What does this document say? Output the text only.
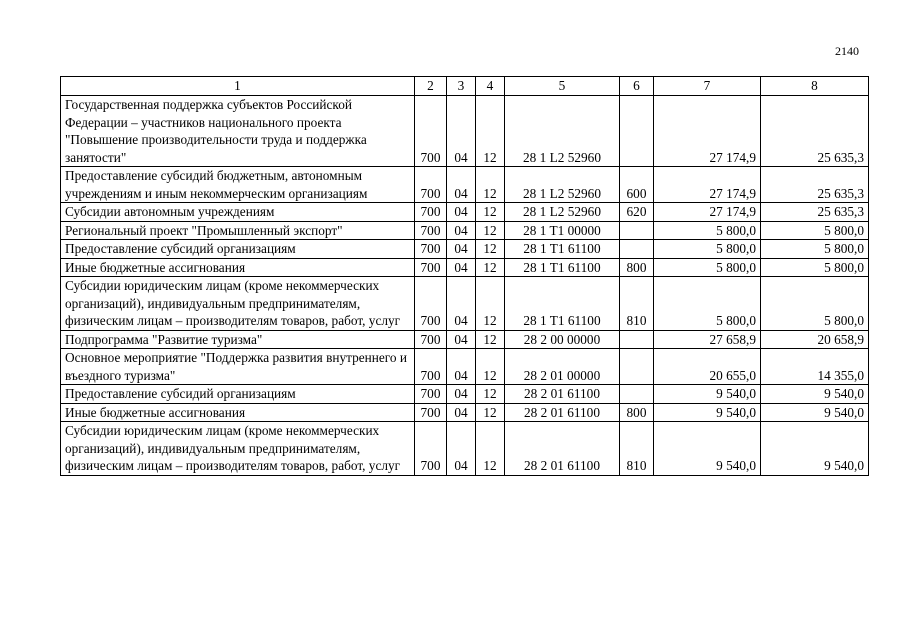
2140
1	2	3	4	5	6	7	8
Государственная поддержка субъектов Российской Федерации – участников национального проекта "Повышение производительности труда и поддержка занятости"	700	04	12	28 1 L2 52960		27 174,9	25 635,3
Предоставление субсидий бюджетным, автономным учреждениям и иным некоммерческим организациям	700	04	12	28 1 L2 52960	600	27 174,9	25 635,3
Субсидии автономным учреждениям	700	04	12	28 1 L2 52960	620	27 174,9	25 635,3
Региональный проект "Промышленный экспорт"	700	04	12	28 1 T1 00000		5 800,0	5 800,0
Предоставление субсидий организациям	700	04	12	28 1 T1 61100		5 800,0	5 800,0
Иные бюджетные ассигнования	700	04	12	28 1 T1 61100	800	5 800,0	5 800,0
Субсидии юридическим лицам (кроме некоммерческих организаций), индивидуальным предпринимателям, физическим лицам – производителям товаров, работ, услуг	700	04	12	28 1 T1 61100	810	5 800,0	5 800,0
Подпрограмма "Развитие туризма"	700	04	12	28 2 00 00000		27 658,9	20 658,9
Основное мероприятие "Поддержка развития внутреннего и въездного туризма"	700	04	12	28 2 01 00000		20 655,0	14 355,0
Предоставление субсидий организациям	700	04	12	28 2 01 61100		9 540,0	9 540,0
Иные бюджетные ассигнования	700	04	12	28 2 01 61100	800	9 540,0	9 540,0
Субсидии юридическим лицам (кроме некоммерческих организаций), индивидуальным предпринимателям, физическим лицам – производителям товаров, работ, услуг	700	04	12	28 2 01 61100	810	9 540,0	9 540,0
